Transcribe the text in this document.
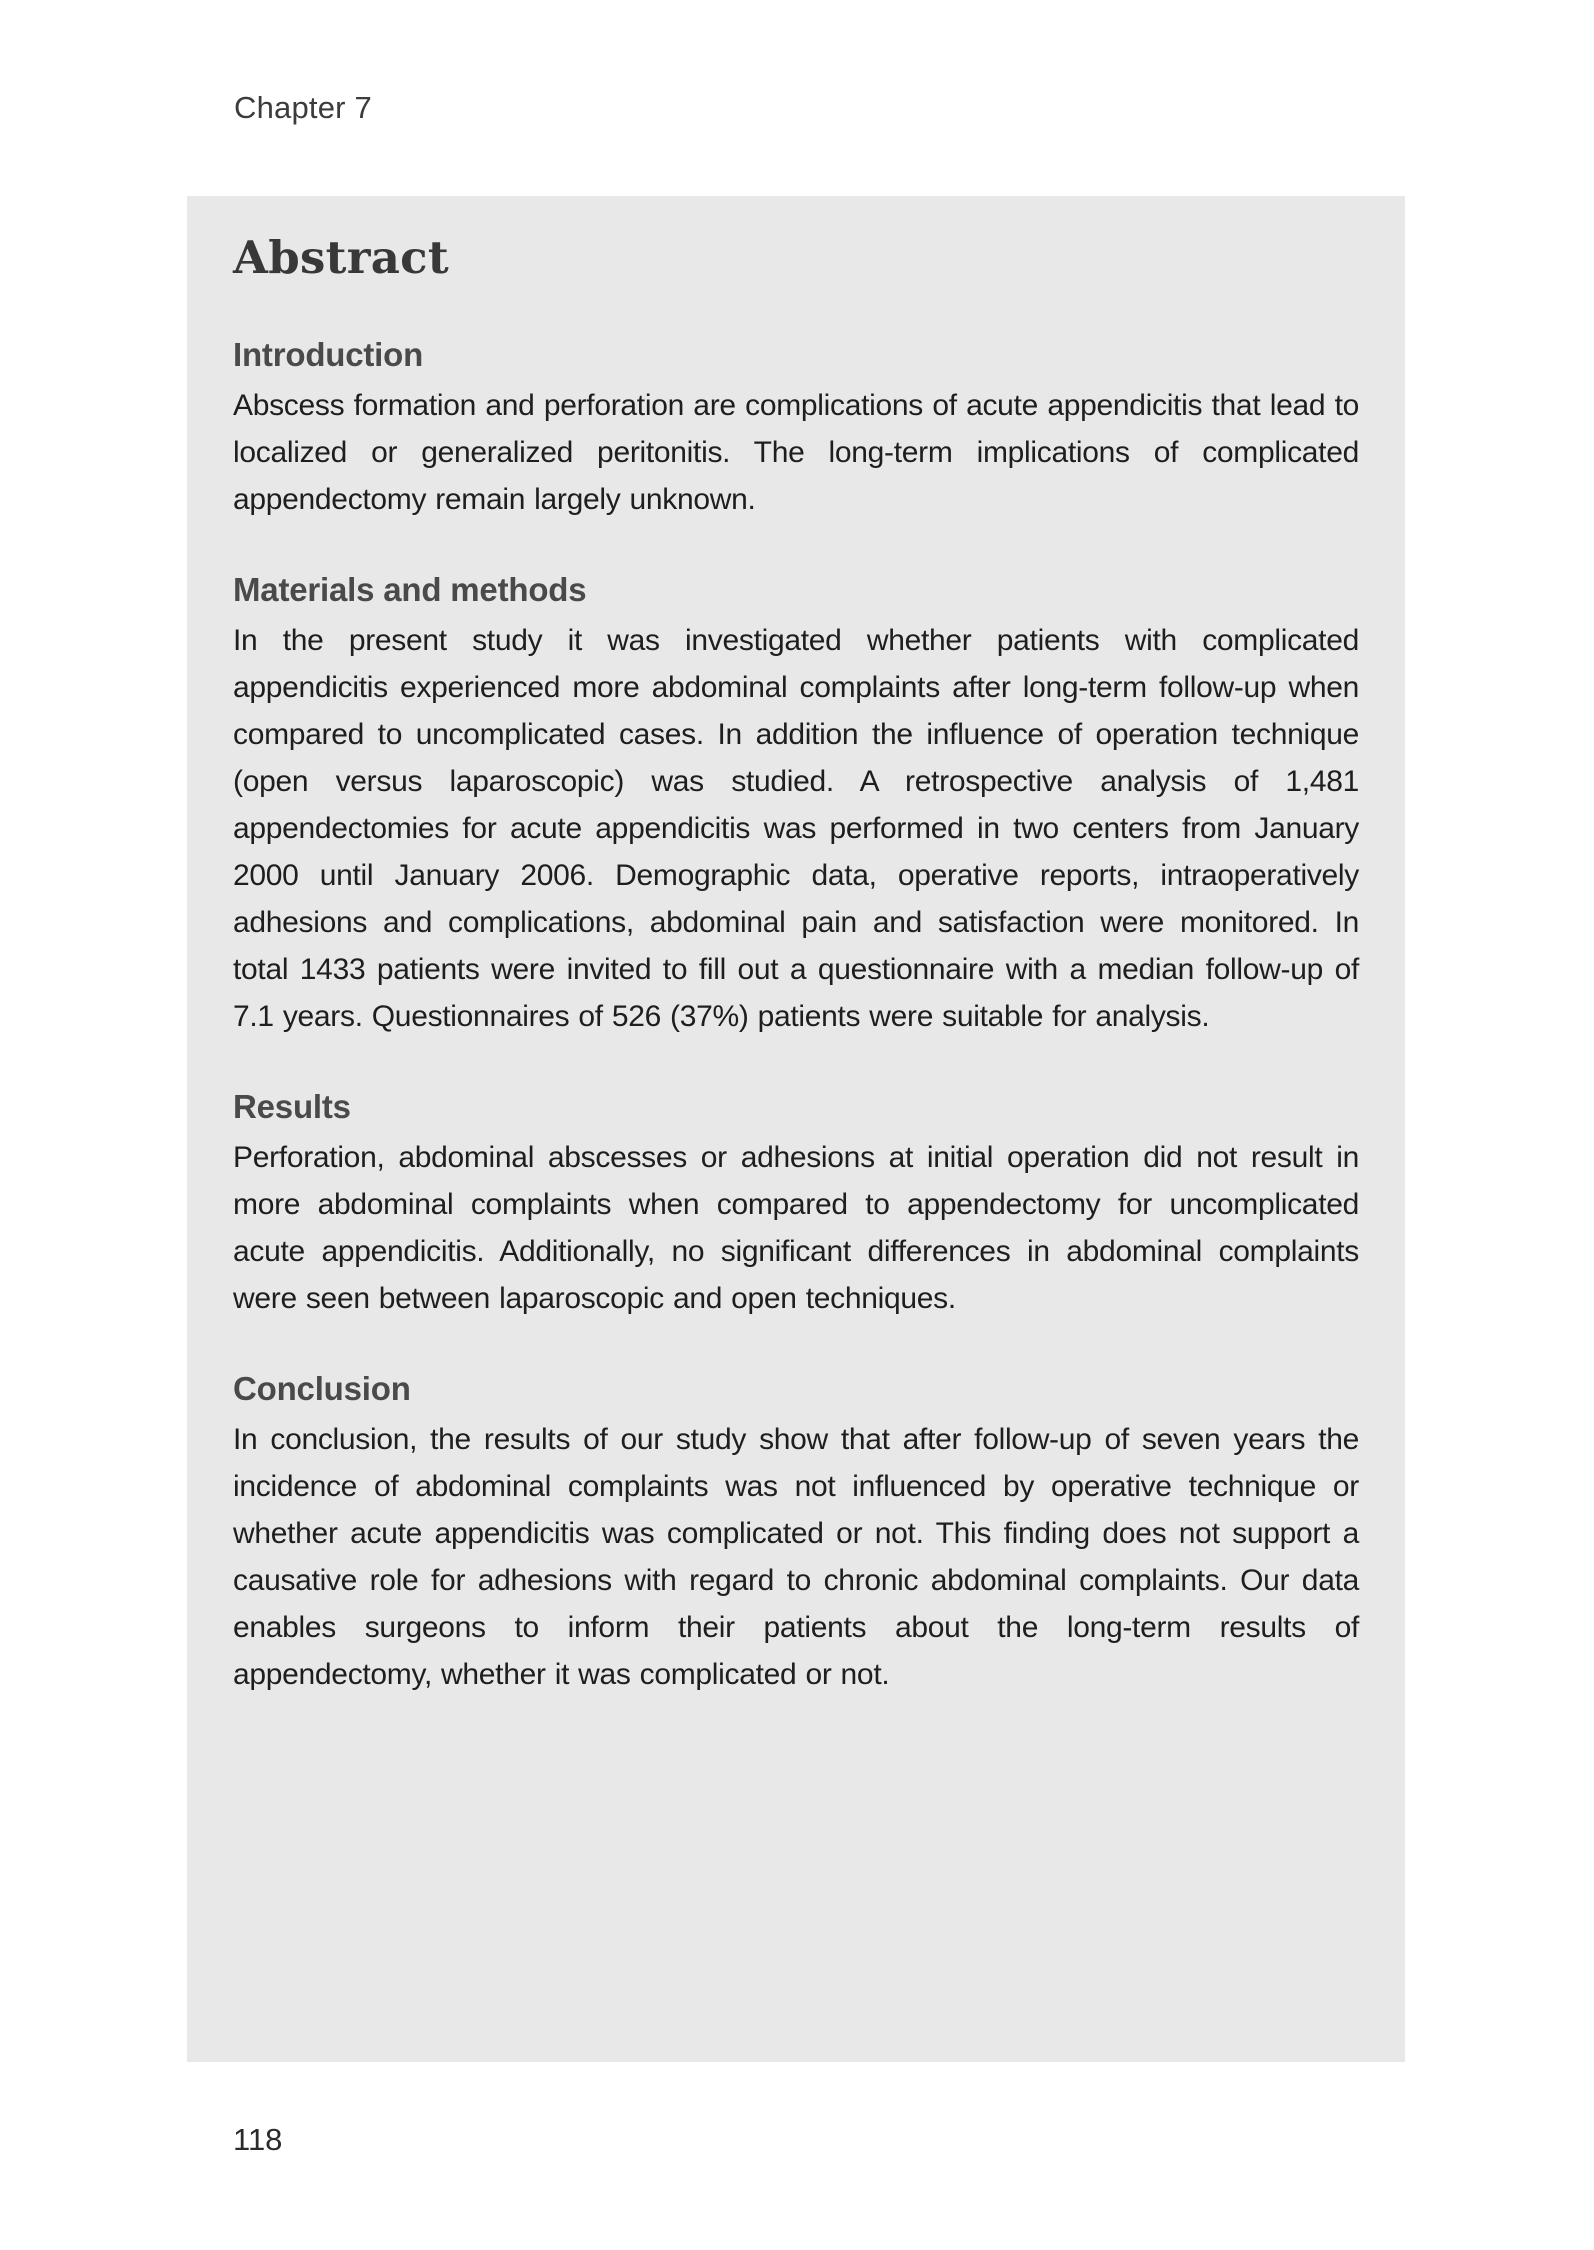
Chapter 7
Abstract
Introduction

Abscess formation and perforation are complications of acute appendicitis that lead to localized or generalized peritonitis. The long-term implications of complicated appendectomy remain largely unknown.

Materials and methods

In the present study it was investigated whether patients with complicated appendicitis experienced more abdominal complaints after long-term follow-up when compared to uncomplicated cases. In addition the influence of operation technique (open versus laparoscopic) was studied. A retrospective analysis of 1,481 appendectomies for acute appendicitis was performed in two centers from January 2000 until January 2006. Demographic data, operative reports, intraoperatively adhesions and complications, abdominal pain and satisfaction were monitored. In total 1433 patients were invited to fill out a questionnaire with a median follow-up of 7.1 years. Questionnaires of 526 (37%) patients were suitable for analysis.

Results

Perforation, abdominal abscesses or adhesions at initial operation did not result in more abdominal complaints when compared to appendectomy for uncomplicated acute appendicitis. Additionally, no significant differences in abdominal complaints were seen between laparoscopic and open techniques.

Conclusion

In conclusion, the results of our study show that after follow-up of seven years the incidence of abdominal complaints was not influenced by operative technique or whether acute appendicitis was complicated or not. This finding does not support a causative role for adhesions with regard to chronic abdominal complaints. Our data enables surgeons to inform their patients about the long-term results of appendectomy, whether it was complicated or not.

118
